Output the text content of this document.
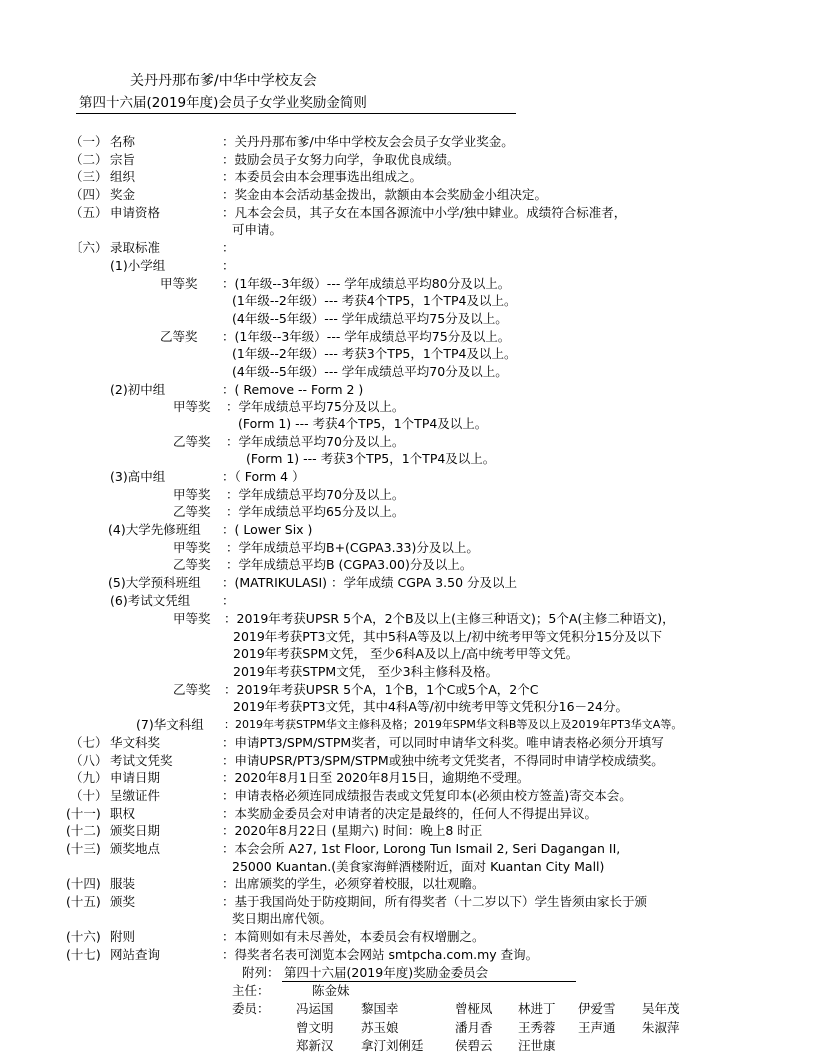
关丹丹那布爹/中华中学校友会
第四十六届(2019年度)会员子女学业奖励金简则
（一） 名称	：关丹丹那布爹/中华中学校友会会员子女学业奖金。
（二） 宗旨	：鼓励会员子女努力向学，争取优良成绩。
（三） 组织	：本委员会由本会理事选出组成之。
（四） 奖金	：奖金由本会活动基金拨出，款额由本会奖励金小组决定。
（五） 申请资格	：凡本会会员，其子女在本国各源流中小学/独中肄业。成绩符合标准者，
可申请。
〔六） 录取标准	：
(1)小学组	：
甲等奖 ：(1年级--3年级）--- 学年成绩总平均80分及以上。
(1年级--2年级）--- 考获4个TP5，1个TP4及以上。
(4年级--5年级）--- 学年成绩总平均75分及以上。
乙等奖 ：(1年级--3年级）--- 学年成绩总平均75分及以上。
(1年级--2年级）--- 考获3个TP5，1个TP4及以上。
(4年级--5年级）--- 学年成绩总平均70分及以上。
(2)初中组	：( Remove -- Form 2 )
甲等奖 ：学年成绩总平均75分及以上。
(Form 1) --- 考获4个TP5，1个TP4及以上。
乙等奖 ：学年成绩总平均70分及以上。
(Form 1) --- 考获3个TP5，1个TP4及以上。
(3)高中组	：（ Form 4 ）
甲等奖 ：学年成绩总平均70分及以上。
乙等奖 ：学年成绩总平均65分及以上。
(4)大学先修班组 ：( Lower Six )
甲等奖 ：学年成绩总平均B+(CGPA3.33)分及以上。
乙等奖 ：学年成绩总平均B (CGPA3.00)分及以上。
(5)大学预科班组 ：(MATRIKULASI) ：学年成绩 CGPA 3.50 分及以上
(6)考试文凭组	：
甲等奖 ：2019年考获UPSR 5个A，2个B及以上(主修三种语文)；5个A(主修二种语文)，
2019年考获PT3文凭，其中5科A等及以上/初中统考甲等文凭积分15分及以下
2019年考获SPM文凭， 至少6科A及以上/高中统考甲等文凭。
2019年考获STPM文凭， 至少3科主修科及格。
乙等奖 ：2019年考获UPSR 5个A，1个B，1个C或5个A，2个C
2019年考获PT3文凭，其中4科A等/初中统考甲等文凭积分16－24分。
(7)华文科组 ：2019年考获STPM华文主修科及格；2019年SPM华文科B等及以上及2019年PT3华文A等。
（七） 华文科奖	：申请PT3/SPM/STPM奖者，可以同时申请华文科奖。唯申请表格必须分开填写
（八） 考试文凭奖	：申请UPSR/PT3/SPM/STPM或独中统考文凭奖者，不得同时申请学校成绩奖。
（九） 申请日期	：2020年8月1日至 2020年8月15日，逾期绝不受理。
（十） 呈缴证件	：申请表格必须连同成绩报告表或文凭复印本(必须由校方签盖)寄交本会。
(十一) 职权	：本奖励金委员会对申请者的决定是最终的，任何人不得提出异议。
(十二) 颁奖日期	：2020年8月22日 (星期六) 时间：晚上8 时正
(十三) 颁奖地点	：本会会所 A27, 1st Floor, Lorong Tun Ismail 2, Seri Dagangan II,
25000 Kuantan.(美食家海鲜酒楼附近，面对 Kuantan City Mall)
(十四) 服装	：出席颁奖的学生，必须穿着校服，以壮观瞻。
(十五) 颁奖	：基于我国尚处于防疫期间，所有得奖者（十二岁以下）学生皆须由家长于颁
奖日期出席代领。
(十六) 附则	：本简则如有未尽善处，本委员会有权增删之。
(十七) 网站查询	：得奖者名表可浏览本会网站 smtpcha.com.my 查询。
附列： 第四十六届(2019年度)奖励金委员会
主任：	陈金妹
委员： 冯运国 黎国幸	曾桠凤 林进丁 伊爱雪 吴年茂
曾文明 苏玉娘	潘月香 王秀蓉 王声通 朱淑萍
郑新汉 拿汀刘俐廷	侯碧云 汪世康
